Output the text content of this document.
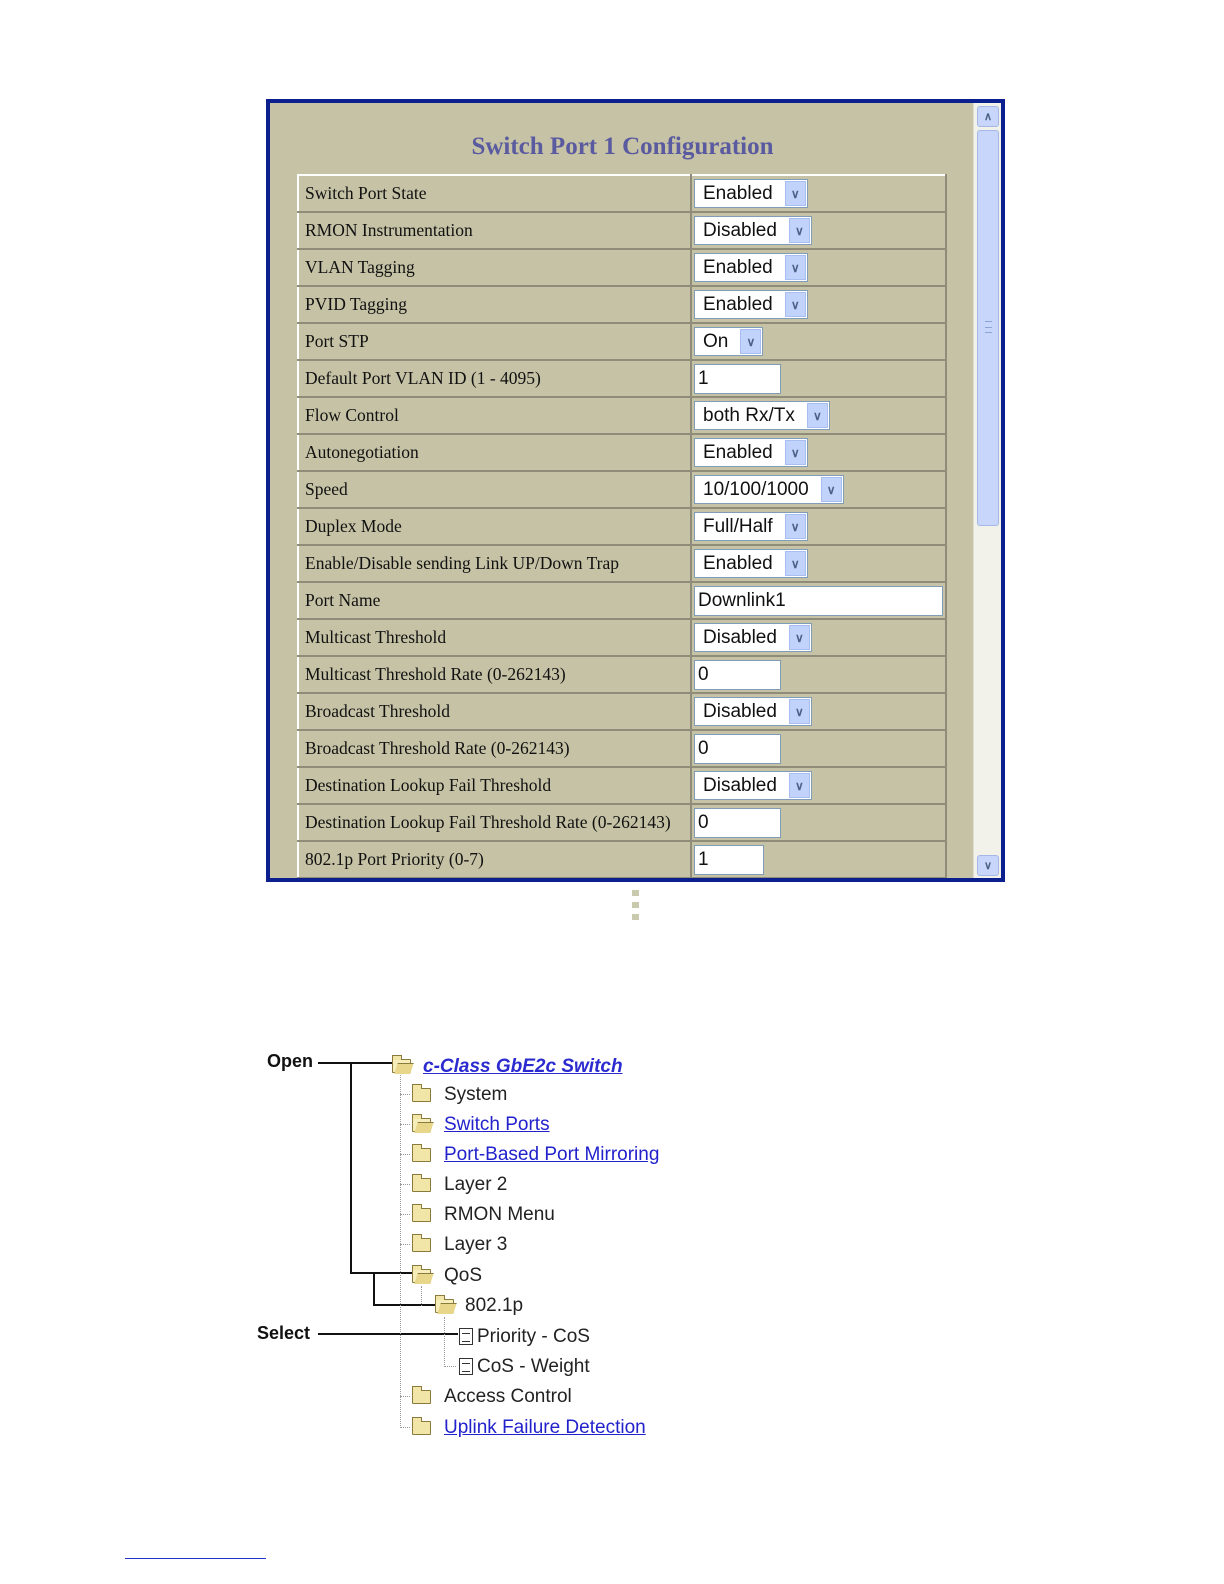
Switch Port 1 Configuration
Switch Port State	Enabled ∨

RMON Instrumentation	Disabled ∨

VLAN Tagging	Enabled ∨

PVID Tagging	Enabled ∨

Port STP	On ∨

Default Port VLAN ID (1 - 4095)	1
Flow Control	both Rx/Tx ∨

Autonegotiation	Enabled ∨

Speed	10/100/1000 ∨

Duplex Mode	Full/Half ∨

Enable/Disable sending Link UP/Down Trap	Enabled ∨

Port Name	Downlink1
Multicast Threshold	Disabled ∨

Multicast Threshold Rate (0-262143)	0
Broadcast Threshold	Disabled ∨

Broadcast Threshold Rate (0-262143)	0
Destination Lookup Fail Threshold	Disabled ∨

Destination Lookup Fail Threshold Rate (0-262143)	0
802.1p Port Priority (0-7)	1
∧
∨
Open
Select
c-Class GbE2c Switch
System
Switch Ports
Port-Based Port Mirroring
Layer 2
RMON Menu
Layer 3
QoS
802.1p
Priority - CoS
CoS - Weight
Access Control
Uplink Failure Detection
